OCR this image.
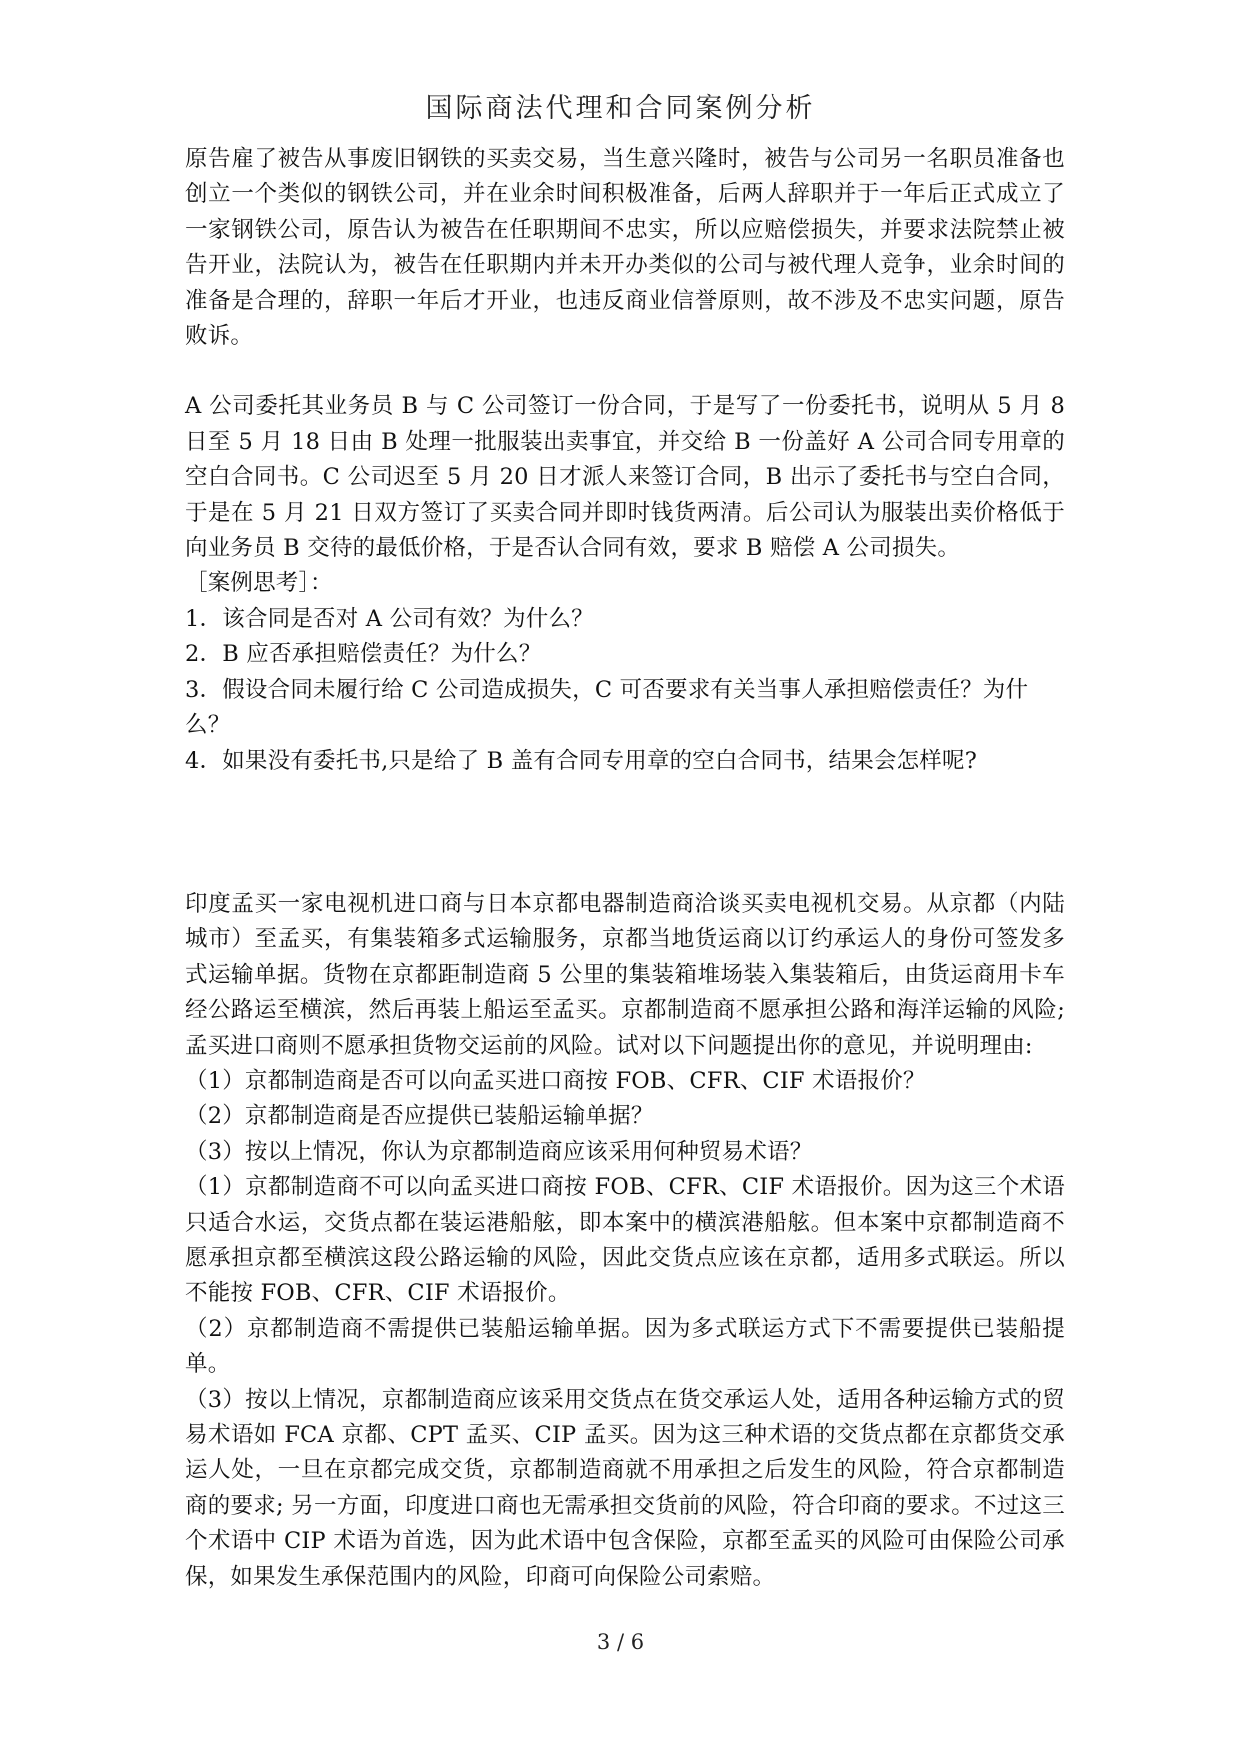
国际商法代理和合同案例分析

原告雇了被告从事废旧钢铁的买卖交易，当生意兴隆时，被告与公司另一名职员准备也创立一个类似的钢铁公司，并在业余时间积极准备，后两人辞职并于一年后正式成立了一家钢铁公司，原告认为被告在任职期间不忠实，所以应赔偿损失，并要求法院禁止被告开业，法院认为，被告在任职期内并未开办类似的公司与被代理人竞争，业余时间的准备是合理的，辞职一年后才开业，也违反商业信誉原则，故不涉及不忠实问题，原告败诉。

A 公司委托其业务员 B 与 C 公司签订一份合同，于是写了一份委托书，说明从 5 月 8 日至 5 月 18 日由 B 处理一批服装出卖事宜，并交给 B 一份盖好 A 公司合同专用章的空白合同书。C 公司迟至 5 月 20 日才派人来签订合同，B 出示了委托书与空白合同，于是在 5 月 21 日双方签订了买卖合同并即时钱货两清。后公司认为服装出卖价格低于向业务员 B 交待的最低价格，于是否认合同有效，要求 B 赔偿 A 公司损失。

［案例思考］：

1．该合同是否对 A 公司有效？为什么？

2．B 应否承担赔偿责任？为什么？

3．假设合同未履行给 C 公司造成损失，C 可否要求有关当事人承担赔偿责任？为什么？

4．如果没有委托书,只是给了 B 盖有合同专用章的空白合同书，结果会怎样呢?

印度孟买一家电视机进口商与日本京都电器制造商洽谈买卖电视机交易。从京都（内陆城市）至孟买，有集装箱多式运输服务，京都当地货运商以订约承运人的身份可签发多式运输单据。货物在京都距制造商 5 公里的集装箱堆场装入集装箱后，由货运商用卡车经公路运至横滨，然后再装上船运至孟买。京都制造商不愿承担公路和海洋运输的风险; 孟买进口商则不愿承担货物交运前的风险。试对以下问题提出你的意见，并说明理由:

（1）京都制造商是否可以向孟买进口商按 FOB、CFR、CIF 术语报价？

（2）京都制造商是否应提供已装船运输单据？

（3）按以上情况，你认为京都制造商应该采用何种贸易术语？

（1）京都制造商不可以向孟买进口商按 FOB、CFR、CIF 术语报价。因为这三个术语只适合水运，交货点都在装运港船舷，即本案中的横滨港船舷。但本案中京都制造商不愿承担京都至横滨这段公路运输的风险，因此交货点应该在京都，适用多式联运。所以不能按 FOB、CFR、CIF 术语报价。

（2）京都制造商不需提供已装船运输单据。因为多式联运方式下不需要提供已装船提单。

（3）按以上情况，京都制造商应该采用交货点在货交承运人处，适用各种运输方式的贸易术语如 FCA 京都、CPT 孟买、CIP 孟买。因为这三种术语的交货点都在京都货交承运人处，一旦在京都完成交货，京都制造商就不用承担之后发生的风险，符合京都制造商的要求; 另一方面，印度进口商也无需承担交货前的风险，符合印商的要求。不过这三个术语中 CIP 术语为首选，因为此术语中包含保险，京都至孟买的风险可由保险公司承保，如果发生承保范围内的风险，印商可向保险公司索赔。

3 / 6
